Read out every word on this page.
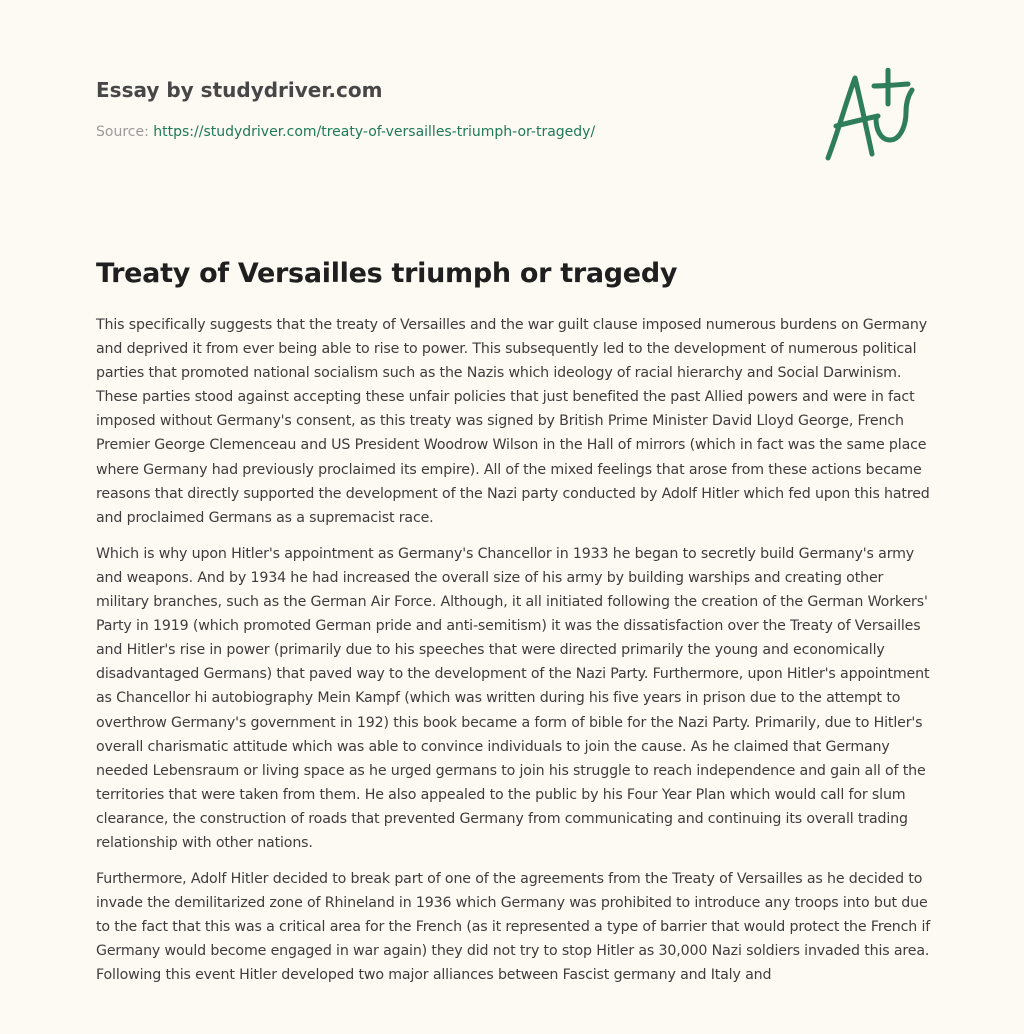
Essay by studydriver.com
Source: https://studydriver.com/treaty-of-versailles-triumph-or-tragedy/
Treaty of Versailles triumph or tragedy

This specifically suggests that the treaty of Versailles and the war guilt clause imposed numerous burdens on Germany and deprived it from ever being able to rise to power. This subsequently led to the development of numerous political parties that promoted national socialism such as the Nazis which ideology of racial hierarchy and Social Darwinism. These parties stood against accepting these unfair policies that just benefited the past Allied powers and were in fact imposed without Germany's consent, as this treaty was signed by British Prime Minister David Lloyd George, French Premier George Clemenceau and US President Woodrow Wilson in the Hall of mirrors (which in fact was the same place where Germany had previously proclaimed its empire). All of the mixed feelings that arose from these actions became reasons that directly supported the development of the Nazi party conducted by Adolf Hitler which fed upon this hatred and proclaimed Germans as a supremacist race.

Which is why upon Hitler's appointment as Germany's Chancellor in 1933 he began to secretly build Germany's army and weapons. And by 1934 he had increased the overall size of his army by building warships and creating other military branches, such as the German Air Force. Although, it all initiated following the creation of the German Workers' Party in 1919 (which promoted German pride and anti-semitism) it was the dissatisfaction over the Treaty of Versailles and Hitler's rise in power (primarily due to his speeches that were directed primarily the young and economically disadvantaged Germans) that paved way to the development of the Nazi Party. Furthermore, upon Hitler's appointment as Chancellor hi autobiography Mein Kampf (which was written during his five years in prison due to the attempt to overthrow Germany's government in 192) this book became a form of bible for the Nazi Party. Primarily, due to Hitler's overall charismatic attitude which was able to convince individuals to join the cause. As he claimed that Germany needed Lebensraum or living space as he urged germans to join his struggle to reach independence and gain all of the territories that were taken from them. He also appealed to the public by his Four Year Plan which would call for slum clearance, the construction of roads that prevented Germany from communicating and continuing its overall trading relationship with other nations.

Furthermore, Adolf Hitler decided to break part of one of the agreements from the Treaty of Versailles as he decided to invade the demilitarized zone of Rhineland in 1936 which Germany was prohibited to introduce any troops into but due to the fact that this was a critical area for the French (as it represented a type of barrier that would protect the French if Germany would become engaged in war again) they did not try to stop Hitler as 30,000 Nazi soldiers invaded this area. Following this event Hitler developed two major alliances between Fascist germany and Italy and
